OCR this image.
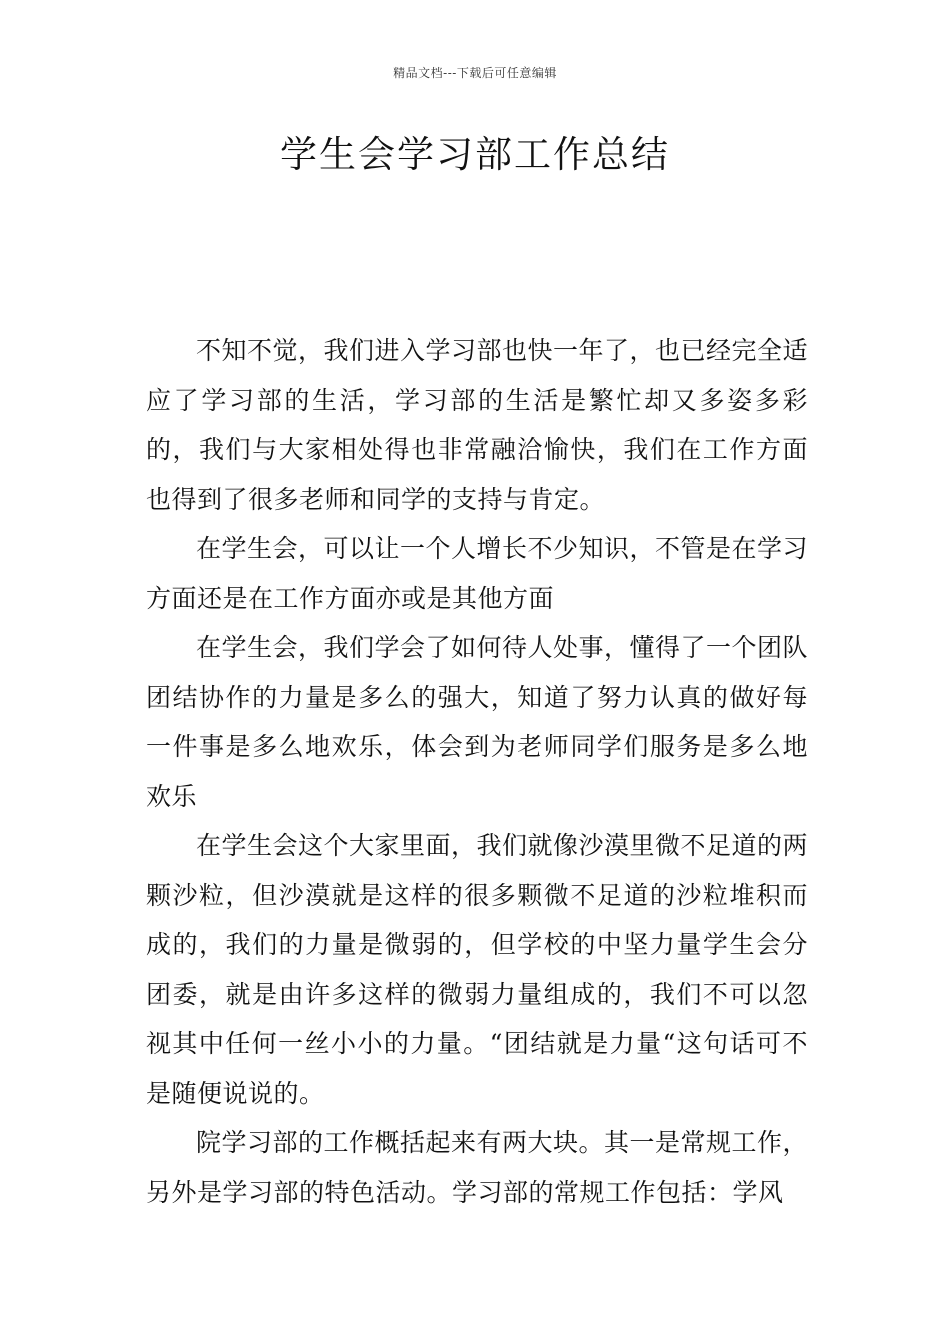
精品文档---下载后可任意编辑
学生会学习部工作总结

不知不觉，我们进入学习部也快一年了，也已经完全适应了学习部的生活，学习部的生活是繁忙却又多姿多彩的，我们与大家相处得也非常融洽愉快，我们在工作方面也得到了很多老师和同学的支持与肯定。

在学生会，可以让一个人增长不少知识，不管是在学习方面还是在工作方面亦或是其他方面

在学生会，我们学会了如何待人处事，懂得了一个团队团结协作的力量是多么的强大，知道了努力认真的做好每一件事是多么地欢乐，体会到为老师同学们服务是多么地欢乐

在学生会这个大家里面，我们就像沙漠里微不足道的两颗沙粒，但沙漠就是这样的很多颗微不足道的沙粒堆积而成的，我们的力量是微弱的，但学校的中坚力量学生会分团委，就是由许多这样的微弱力量组成的，我们不可以忽视其中任何一丝小小的力量。“团结就是力量“这句话可不是随便说说的。

院学习部的工作概括起来有两大块。其一是常规工作，另外是学习部的特色活动。学习部的常规工作包括：学风
